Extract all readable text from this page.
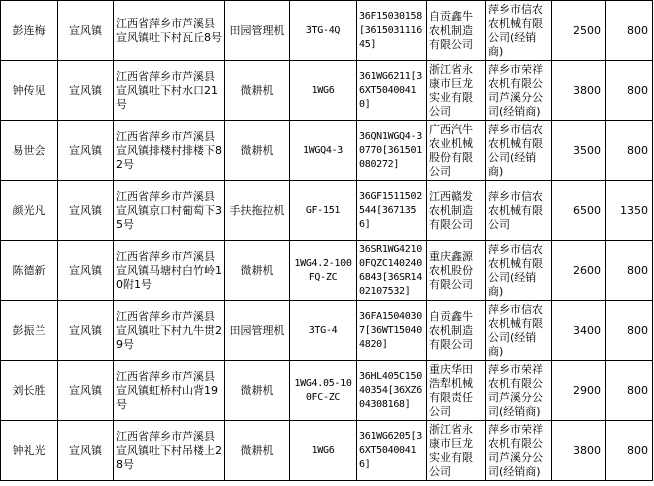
彭连梅	宣风镇	江西省萍乡市芦溪县宣风镇吐下村瓦丘8号	田园管理机	3TG-4Q	36F15030158[3615031116 45]	自贡鑫牛农机制造有限公司	萍乡市信农农机械有限公司(经销商)	2500	800
钟传见	宣风镇	江西省萍乡市芦溪县宣风镇吐下村水口21号	微耕机	1WG6	361WG6211[36XT50400410]	浙江省永康市巨龙实业有限公司	萍乡市荣祥农机有限公司芦溪分公司(经销商)	3800	800
易世会	宣风镇	江西省萍乡市芦溪县宣风镇排楼村排楼下82号	微耕机	1WGQ4-3	36QN1WGQ4-30770[361501080272]	广西汽牛农业机械股份有限公司	萍乡市信农农机械有限公司(经销商)	3500	800
颜光凡	宣风镇	江西省萍乡市芦溪县宣风镇京口村葡萄下35号	手扶拖拉机	GF-151	36GF1511502544[3671356]	江西赣发农机制造有限公司	萍乡市信农农机械有限公司	6500	1350
陈德新	宣风镇	江西省萍乡市芦溪县宣风镇马塘村白竹岭10附1号	微耕机	1WG4.2-100FQ-ZC	36SR1WG42100FQZC1402406843[36SR1402107532]	重庆鑫源农机股份有限公司	萍乡市信农农机械有限公司(经销商)	2600	800
彭振兰	宣风镇	江西省萍乡市芦溪县宣风镇吐下村九牛贯29号	田园管理机	3TG-4	36FA15040307[36WT150404820]	自贡鑫牛农机制造有限公司	萍乡市信农农机械有限公司(经销商)	3400	800
刘长胜	宣风镇	江西省萍乡市芦溪县宣风镇虹桥村山背19号	微耕机	1WG4.05-100FC-ZC	36HL405C15040354[36XZ604308168]	重庆华田浩犁机械有限责任公司	萍乡市荣祥农机有限公司芦溪分公司(经销商)	2900	800
钟礼光	宣风镇	江西省萍乡市芦溪县宣风镇吐下村吊楼上28号	微耕机	1WG6	361WG6205[36XT50400416]	浙江省永康市巨龙实业有限公司	萍乡市荣祥农机有限公司芦溪分公司(经销商)	3800	800
